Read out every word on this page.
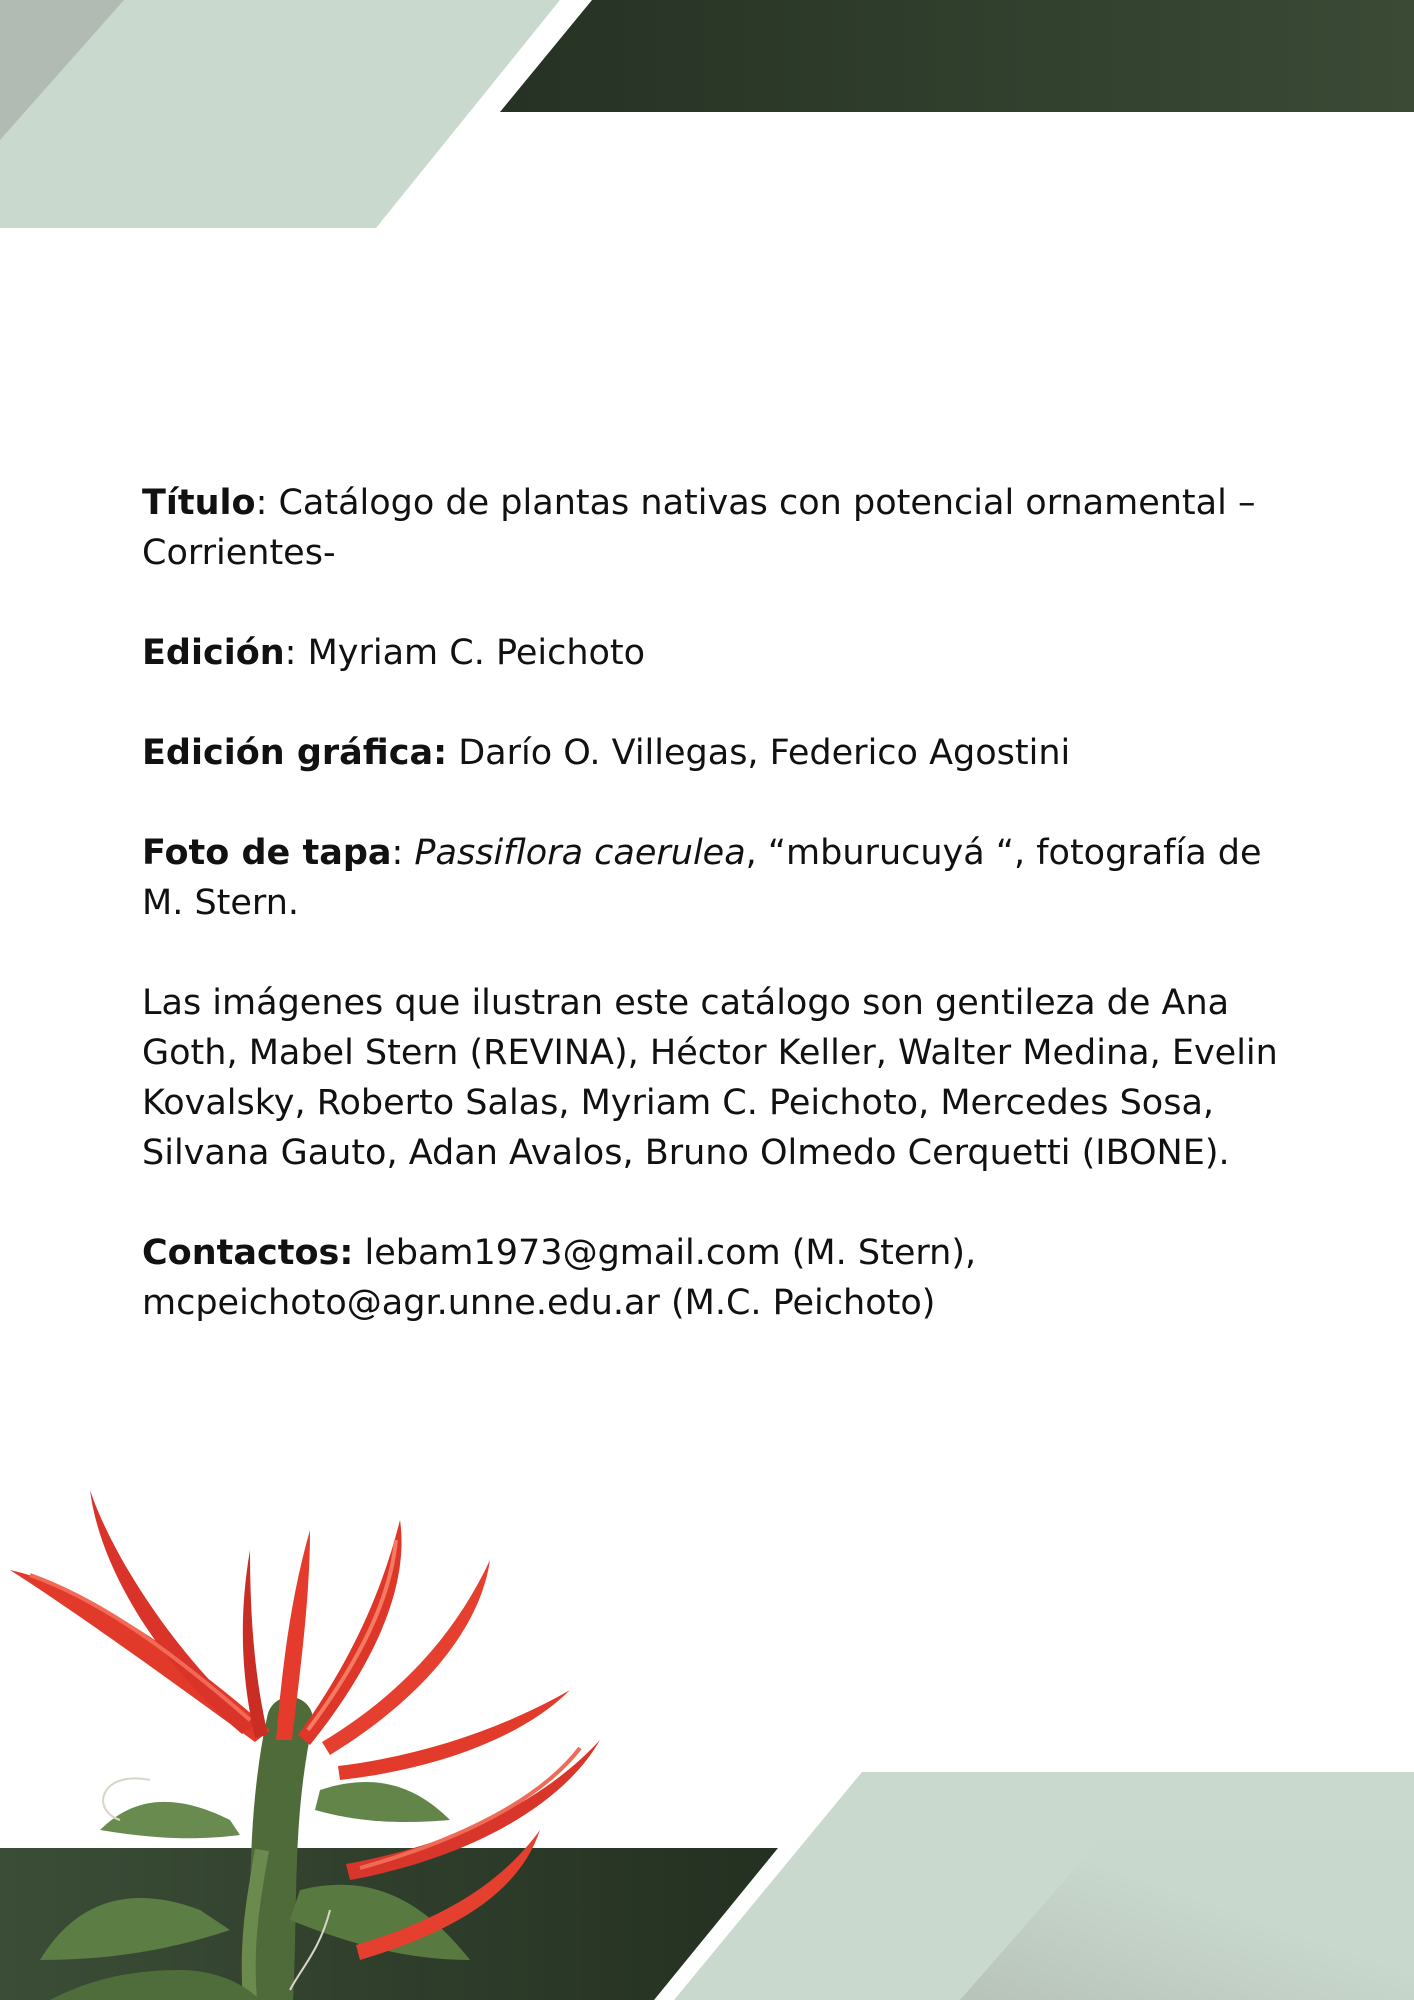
Título: Catálogo de plantas nativas con potencial ornamental –Corrientes-

Edición: Myriam C. Peichoto

Edición gráfica: Darío O. Villegas, Federico Agostini

Foto de tapa: Passiflora caerulea, “mburucuyá “, fotografía de M. Stern.

Las imágenes que ilustran este catálogo son gentileza de Ana Goth, Mabel Stern (REVINA), Héctor Keller, Walter Medina, Evelin Kovalsky, Roberto Salas, Myriam C. Peichoto, Mercedes Sosa, Silvana Gauto, Adan Avalos, Bruno Olmedo Cerquetti (IBONE).

Contactos: lebam1973@gmail.com (M. Stern),
mcpeichoto@agr.unne.edu.ar (M.C. Peichoto)
